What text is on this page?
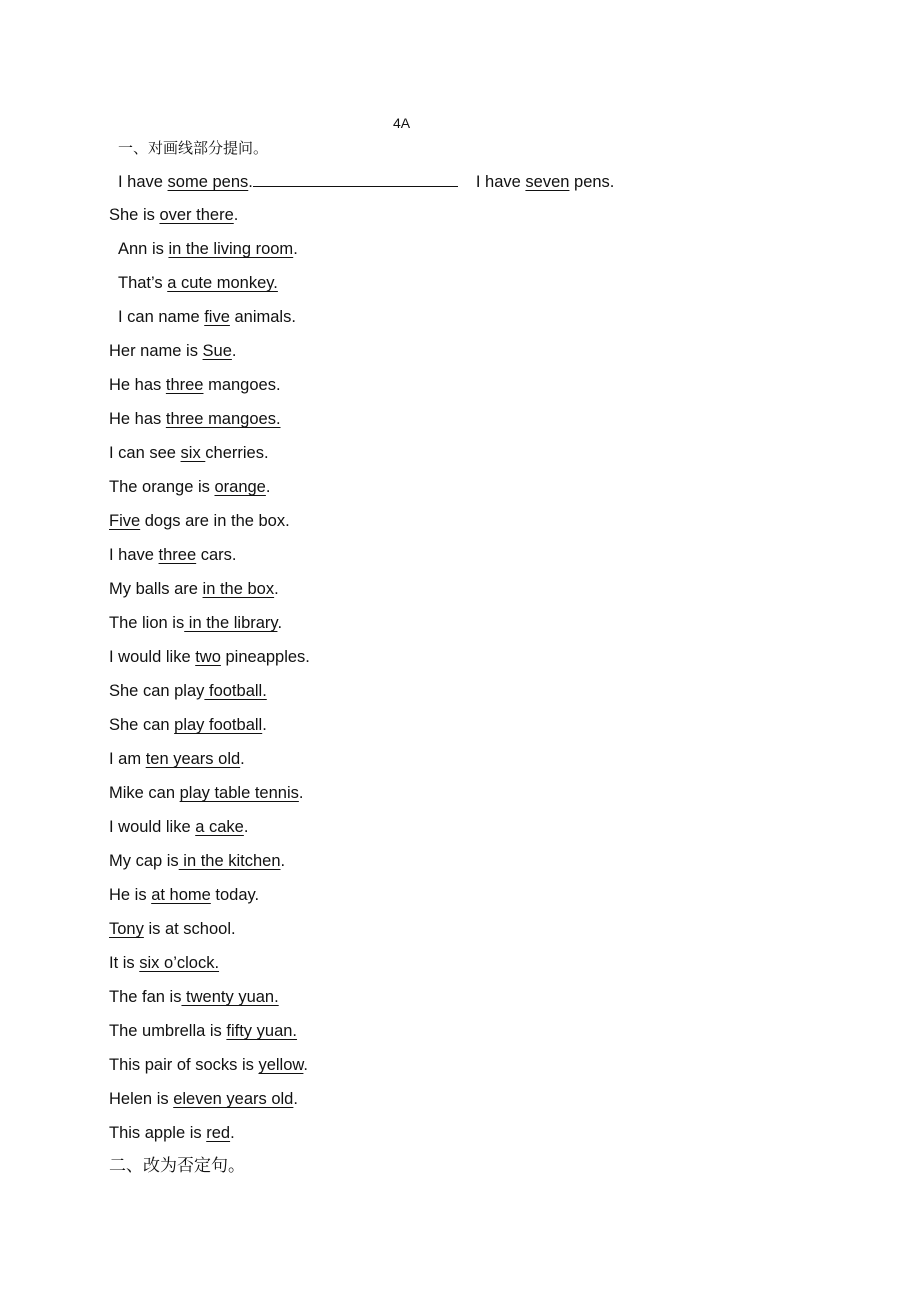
4A
一、对画线部分提问。
I have some pens.	I have seven pens.
She is over there.
Ann is in the living room.
That’s a cute monkey.
I can name five animals.
Her name is Sue.
He has three mangoes.
He has three mangoes.
I can see six cherries.
The orange is orange.
Five dogs are in the box.
I have three cars.
My balls are in the box.
The lion is in the library.
I would like two pineapples.
She can play football.
She can play football.
I am ten years old.
Mike can play table tennis.
I would like a cake.
My cap is in the kitchen.
He is at home today.
Tony is at school.
It is six o’clock.
The fan is twenty yuan.
The umbrella is fifty yuan.
This pair of socks is yellow.
Helen is eleven years old.
This apple is red.
二、改为否定句。
